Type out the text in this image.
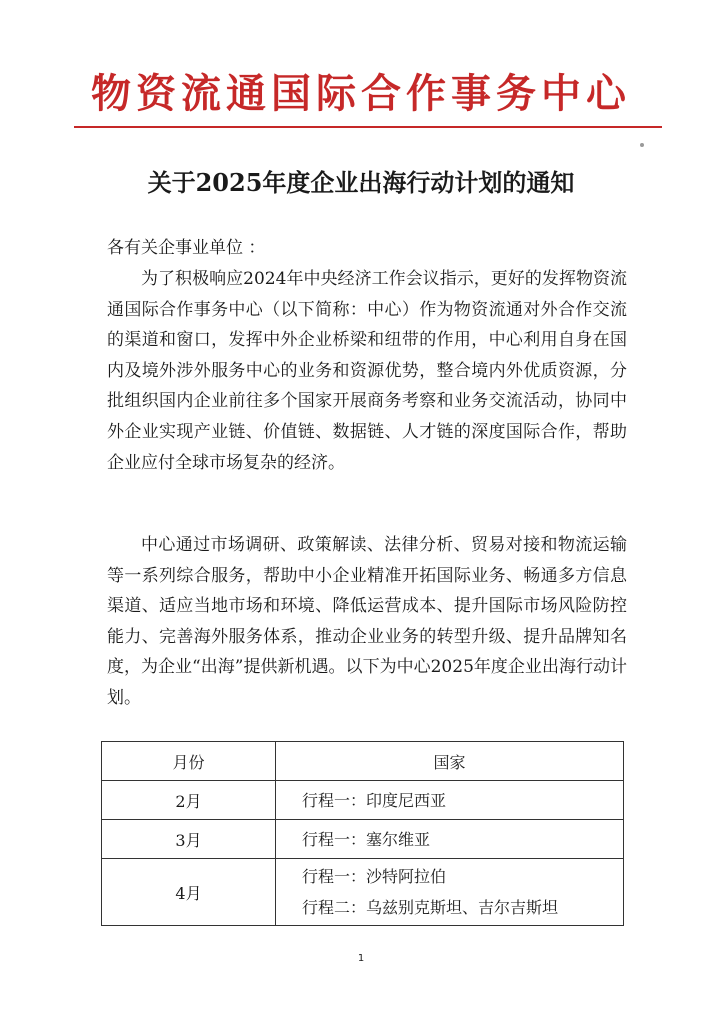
物资流通国际合作事务中心
关于2025年度企业出海行动计划的通知
各有关企事业单位 ：

为了积极响应2024年中央经济工作会议指示，更好的发挥物资流通国际合作事务中心（以下简称：中心）作为物资流通对外合作交流的渠道和窗口，发挥中外企业桥梁和纽带的作用，中心利用自身在国内及境外涉外服务中心的业务和资源优势，整合境内外优质资源，分批组织国内企业前往多个国家开展商务考察和业务交流活动，协同中外企业实现产业链、价值链、数据链、人才链的深度国际合作，帮助企业应付全球市场复杂的经济。

中心通过市场调研、政策解读、法律分析、贸易对接和物流运输等一系列综合服务，帮助中小企业精准开拓国际业务、畅通多方信息渠道、适应当地市场和环境、降低运营成本、提升国际市场风险防控能力、完善海外服务体系，推动企业业务的转型升级、提升品牌知名度，为企业“出海”提供新机遇。以下为中心2025年度企业出海行动计划。

月份	国家
2月	行程一：印度尼西亚

3月	行程一：塞尔维亚

4月	行程一：沙特阿拉伯
行程二：乌兹别克斯坦、吉尔吉斯坦
1
